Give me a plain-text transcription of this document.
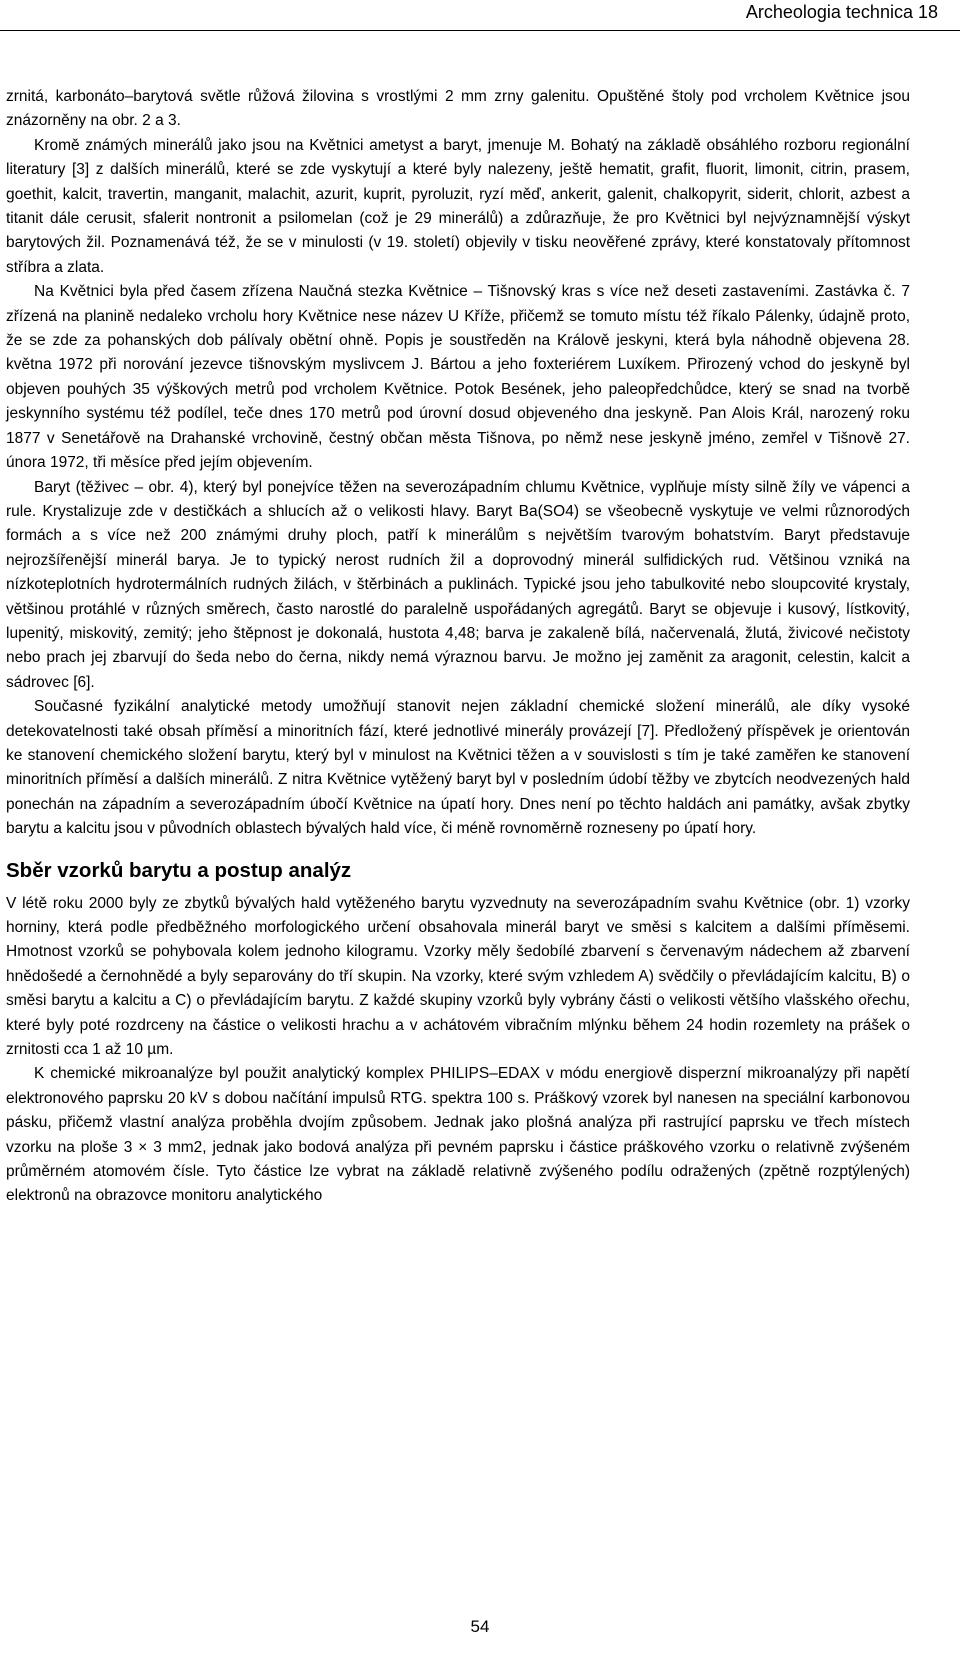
Archeologia technica 18

zrnitá, karbonáto–barytová světle růžová žilovina s vrostlými 2 mm zrny galenitu. Opuštěné štoly pod vrcholem Květnice jsou znázorněny na obr. 2 a 3.

Kromě známých minerálů jako jsou na Květnici ametyst a baryt, jmenuje M. Bohatý na základě obsáhlého rozboru regionální literatury [3] z dalších minerálů, které se zde vyskytují a které byly nalezeny, ještě hematit, grafit, fluorit, limonit, citrin, prasem, goethit, kalcit, travertin, manganit, malachit, azurit, kuprit, pyroluzit, ryzí měď, ankerit, galenit, chalkopyrit, siderit, chlorit, azbest a titanit dále cerusit, sfalerit nontronit a psilomelan (což je 29 minerálů) a zdůrazňuje, že pro Květnici byl nejvýznamnější výskyt barytových žil. Poznamenává též, že se v minulosti (v 19. století) objevily v tisku neověřené zprávy, které konstatovaly přítomnost stříbra a zlata.

Na Květnici byla před časem zřízena Naučná stezka Květnice – Tišnovský kras s více než deseti zastaveními. Zastávka č. 7 zřízená na planině nedaleko vrcholu hory Květnice nese název U Kříže, přičemž se tomuto místu též říkalo Pálenky, údajně proto, že se zde za pohanských dob pálívaly obětní ohně. Popis je soustředěn na Králově jeskyni, která byla náhodně objevena 28. května 1972 při norování jezevce tišnovským myslivcem J. Bártou a jeho foxteriérem Luxíkem. Přirozený vchod do jeskyně byl objeven pouhých 35 výškových metrů pod vrcholem Květnice. Potok Besének, jeho paleopředchůdce, který se snad na tvorbě jeskynního systému též podílel, teče dnes 170 metrů pod úrovní dosud objeveného dna jeskyně. Pan Alois Král, narozený roku 1877 v Senetářově na Drahanské vrchovině, čestný občan města Tišnova, po němž nese jeskyně jméno, zemřel v Tišnově 27. února 1972, tři měsíce před jejím objevením.

Baryt (těživec – obr. 4), který byl ponejvíce těžen na severozápadním chlumu Květnice, vyplňuje místy silně žíly ve vápenci a rule. Krystalizuje zde v destičkách a shlucích až o velikosti hlavy. Baryt Ba(SO4) se všeobecně vyskytuje ve velmi různorodých formách a s více než 200 známými druhy ploch, patří k minerálům s největším tvarovým bohatstvím. Baryt představuje nejrozšířenější minerál barya. Je to typický nerost rudních žil a doprovodný minerál sulfidických rud. Většinou vzniká na nízkoteplotních hydrotermálních rudných žilách, v štěrbinách a puklinách. Typické jsou jeho tabulkovité nebo sloupcovité krystaly, většinou protáhlé v různých směrech, často narostlé do paralelně uspořádaných agregátů. Baryt se objevuje i kusový, lístkovitý, lupenitý, miskovitý, zemitý; jeho štěpnost je dokonalá, hustota 4,48; barva je zakaleně bílá, načervenalá, žlutá, živicové nečistoty nebo prach jej zbarvují do šeda nebo do černa, nikdy nemá výraznou barvu. Je možno jej zaměnit za aragonit, celestin, kalcit a sádrovec [6].

Současné fyzikální analytické metody umožňují stanovit nejen základní chemické složení minerálů, ale díky vysoké detekovatelnosti také obsah příměsí a minoritních fází, které jednotlivé minerály provázejí [7]. Předložený příspěvek je orientován ke stanovení chemického složení barytu, který byl v minulost na Květnici těžen a v souvislosti s tím je také zaměřen ke stanovení minoritních příměsí a dalších minerálů. Z nitra Květnice vytěžený baryt byl v posledním údobí těžby ve zbytcích neodvezených hald ponechán na západním a severozápadním úbočí Květnice na úpatí hory. Dnes není po těchto haldách ani památky, avšak zbytky barytu a kalcitu jsou v původních oblastech bývalých hald více, či méně rovnoměrně rozneseny po úpatí hory.

Sběr vzorků barytu a postup analýz

V létě roku 2000 byly ze zbytků bývalých hald vytěženého barytu vyzvednuty na severozápadním svahu Květnice (obr. 1) vzorky horniny, která podle předběžného morfologického určení obsahovala minerál baryt ve směsi s kalcitem a dalšími příměsemi. Hmotnost vzorků se pohybovala kolem jednoho kilogramu. Vzorky měly šedobílé zbarvení s červenavým nádechem až zbarvení hnědošedé a černohnědé a byly separovány do tří skupin. Na vzorky, které svým vzhledem A) svědčily o převládajícím kalcitu, B) o směsi barytu a kalcitu a C) o převládajícím barytu. Z každé skupiny vzorků byly vybrány části o velikosti většího vlašského ořechu, které byly poté rozdrceny na částice o velikosti hrachu a v achátovém vibračním mlýnku během 24 hodin rozemlety na prášek o zrnitosti cca 1 až 10 µm.

K chemické mikroanalýze byl použit analytický komplex PHILIPS–EDAX v módu energiově disperzní mikroanalýzy při napětí elektronového paprsku 20 kV s dobou načítání impulsů RTG. spektra 100 s. Práškový vzorek byl nanesen na speciální karbonovou pásku, přičemž vlastní analýza proběhla dvojím způsobem. Jednak jako plošná analýza při rastrující paprsku ve třech místech vzorku na ploše 3 × 3 mm2, jednak jako bodová analýza při pevném paprsku i částice práškového vzorku o relativně zvýšeném průměrném atomovém čísle. Tyto částice lze vybrat na základě relativně zvýšeného podílu odražených (zpětně rozptýlených) elektronů na obrazovce monitoru analytického

54
